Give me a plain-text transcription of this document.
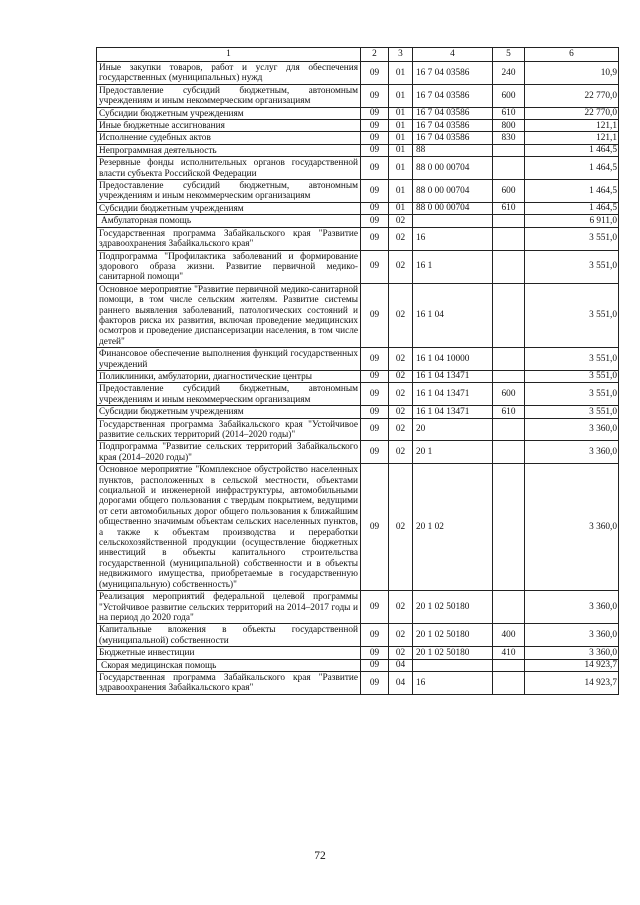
1	2	3	4	5	6
Иные закупки товаров, работ и услуг для обеспечения государственных (муниципальных) нужд	09	01	16 7 04 03586	240	10,9
Предоставление субсидий бюджетным, автономным учреждениям и иным некоммерческим организациям	09	01	16 7 04 03586	600	22 770,0
Субсидии бюджетным учреждениям	09	01	16 7 04 03586	610	22 770,0
Иные бюджетные ассигнования	09	01	16 7 04 03586	800	121,1
Исполнение судебных актов	09	01	16 7 04 03586	830	121,1
Непрограммная деятельность	09	01	88		1 464,5
Резервные фонды исполнительных органов государственной власти субъекта Российской Федерации	09	01	88 0 00 00704		1 464,5
Предоставление субсидий бюджетным, автономным учреждениям и иным некоммерческим организациям	09	01	88 0 00 00704	600	1 464,5
Субсидии бюджетным учреждениям	09	01	88 0 00 00704	610	1 464,5
Амбулаторная помощь	09	02			6 911,0
Государственная программа Забайкальского края "Развитие здравоохранения Забайкальского края"	09	02	16		3 551,0
Подпрограмма "Профилактика заболеваний и формирование здорового образа жизни. Развитие первичной медико-санитарной помощи"	09	02	16 1		3 551,0
Основное мероприятие "Развитие первичной медико-санитарной помощи, в том числе сельским жителям. Развитие системы раннего выявления заболеваний, патологических состояний и факторов риска их развития, включая проведение медицинских осмотров и проведение диспансеризации населения, в том числе детей"	09	02	16 1 04		3 551,0
Финансовое обеспечение выполнения функций государственных учреждений	09	02	16 1 04 10000		3 551,0
Поликлиники, амбулатории, диагностические центры	09	02	16 1 04 13471		3 551,0
Предоставление субсидий бюджетным, автономным учреждениям и иным некоммерческим организациям	09	02	16 1 04 13471	600	3 551,0
Субсидии бюджетным учреждениям	09	02	16 1 04 13471	610	3 551,0
Государственная программа Забайкальского края "Устойчивое развитие сельских территорий (2014–2020 годы)"	09	02	20		3 360,0
Подпрограмма "Развитие сельских территорий Забайкальского края (2014–2020 годы)"	09	02	20 1		3 360,0
Основное мероприятие "Комплексное обустройство населенных пунктов, расположенных в сельской местности, объектами социальной и инженерной инфраструктуры, автомобильными дорогами общего пользования с твердым покрытием, ведущими от сети автомобильных дорог общего пользования к ближайшим общественно значимым объектам сельских населенных пунктов, а также к объектам производства и переработки сельскохозяйственной продукции (осуществление бюджетных инвестиций в объекты капитального строительства государственной (муниципальной) собственности и в объекты недвижимого имущества, приобретаемые в государственную (муниципальную) собственность)"	09	02	20 1 02		3 360,0
Реализация мероприятий федеральной целевой программы "Устойчивое развитие сельских территорий на 2014–2017 годы и на период до 2020 года"	09	02	20 1 02 50180		3 360,0
Капитальные вложения в объекты государственной (муниципальной) собственности	09	02	20 1 02 50180	400	3 360,0
Бюджетные инвестиции	09	02	20 1 02 50180	410	3 360,0
Скорая медицинская помощь	09	04			14 923,7
Государственная программа Забайкальского края "Развитие здравоохранения Забайкальского края"	09	04	16		14 923,7
72
